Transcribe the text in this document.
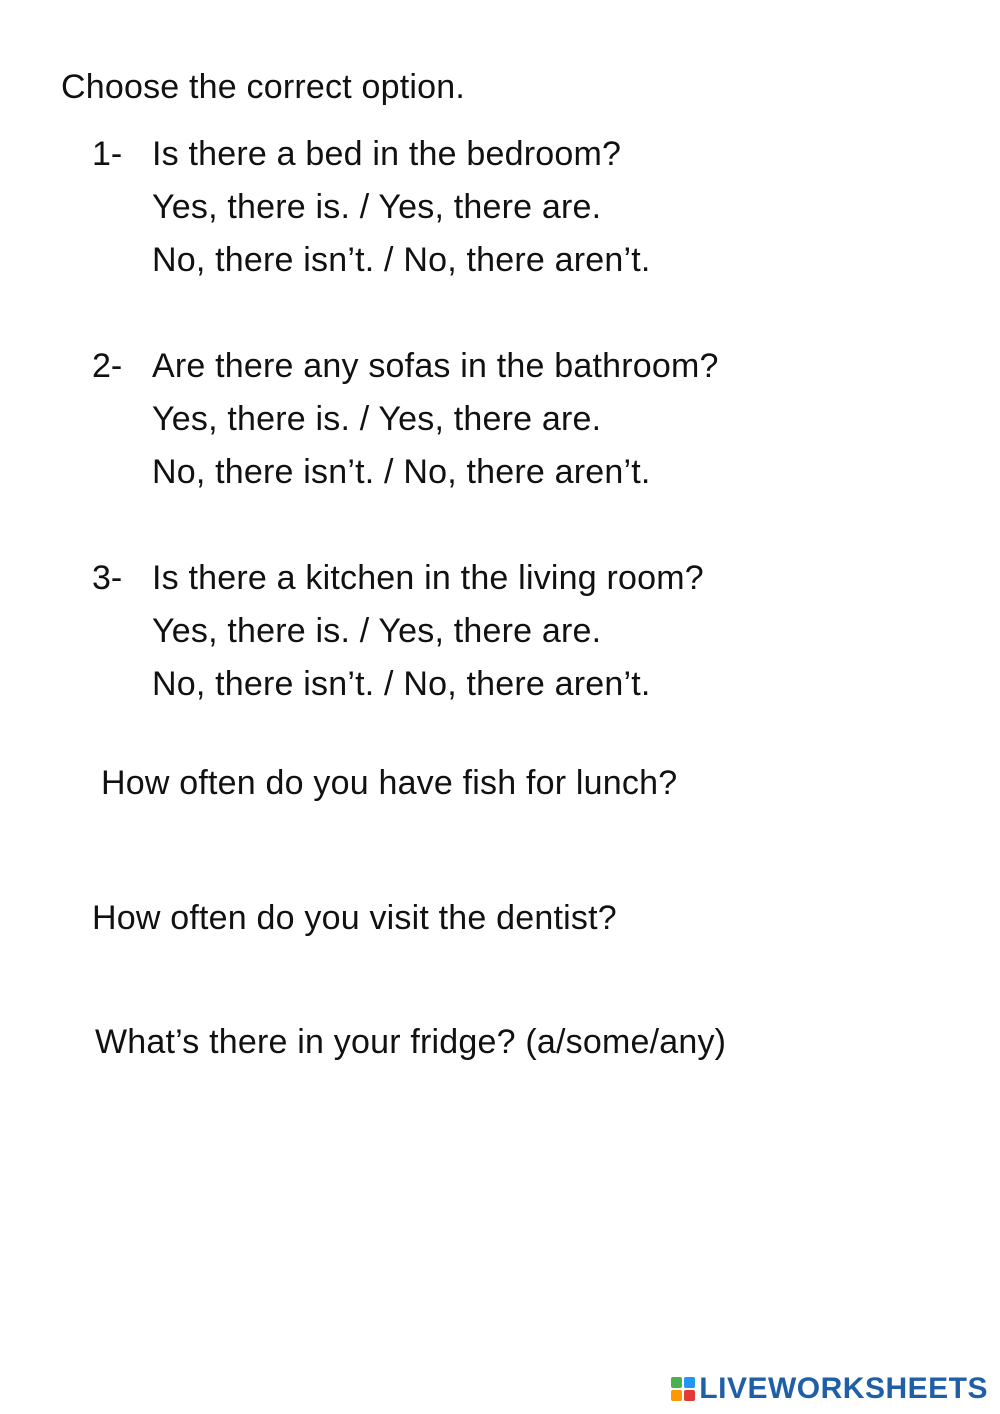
Choose the correct option.
1- Is there a bed in the bedroom?
Yes, there is. / Yes, there are.
No, there isn’t. / No, there aren’t.
2- Are there any sofas in the bathroom?
Yes, there is. / Yes, there are.
No, there isn’t. / No, there aren’t.
3- Is there a kitchen in the living room?
Yes, there is. / Yes, there are.
No, there isn’t. / No, there aren’t.
How often do you have fish for lunch?
How often do you visit the dentist?
What’s there in your fridge? (a/some/any)
LIVEWORKSHEETS
